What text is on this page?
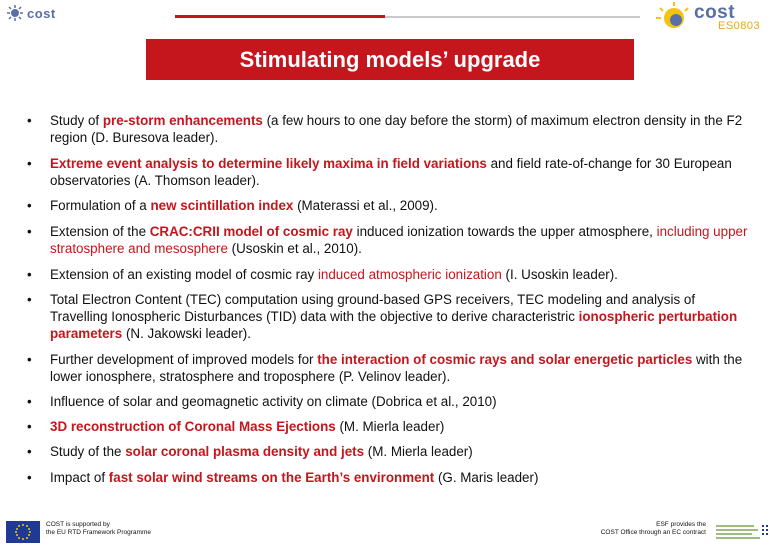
cost	cost
ES0803
Stimulating models’ upgrade
• Study of pre-storm enhancements (a few hours to one day before the storm) of maximum electron density in the F2 region (D. Buresova leader).
• Extreme event analysis to determine likely maxima in field variations and field rate-of-change for 30 European observatories (A. Thomson leader).
• Formulation of a new scintillation index (Materassi et al., 2009).
• Extension of the CRAC:CRII model of cosmic ray induced ionization towards the upper atmosphere, including upper stratosphere and mesosphere (Usoskin et al., 2010).
• Extension of an existing model of cosmic ray induced atmospheric ionization (I. Usoskin leader).
• Total Electron Content (TEC) computation using ground-based GPS receivers, TEC modeling and analysis of Travelling Ionospheric Disturbances (TID) data with the objective to derive characteristric ionospheric perturbation parameters (N. Jakowski leader).
• Further development of improved models for the interaction of cosmic rays and solar energetic particles with the lower ionosphere, stratosphere and troposphere (P. Velinov leader).
• Influence of solar and geomagnetic activity on climate (Dobrica et al., 2010)
• 3D reconstruction of Coronal Mass Ejections (M. Mierla leader)
• Study of the solar coronal plasma density and jets (M. Mierla leader)
• Impact of fast solar wind streams on the Earth’s environment (G. Maris leader)
COST is supported by
the EU RTD Framework Programme
ESF provides the
COST Office through an EC contract
